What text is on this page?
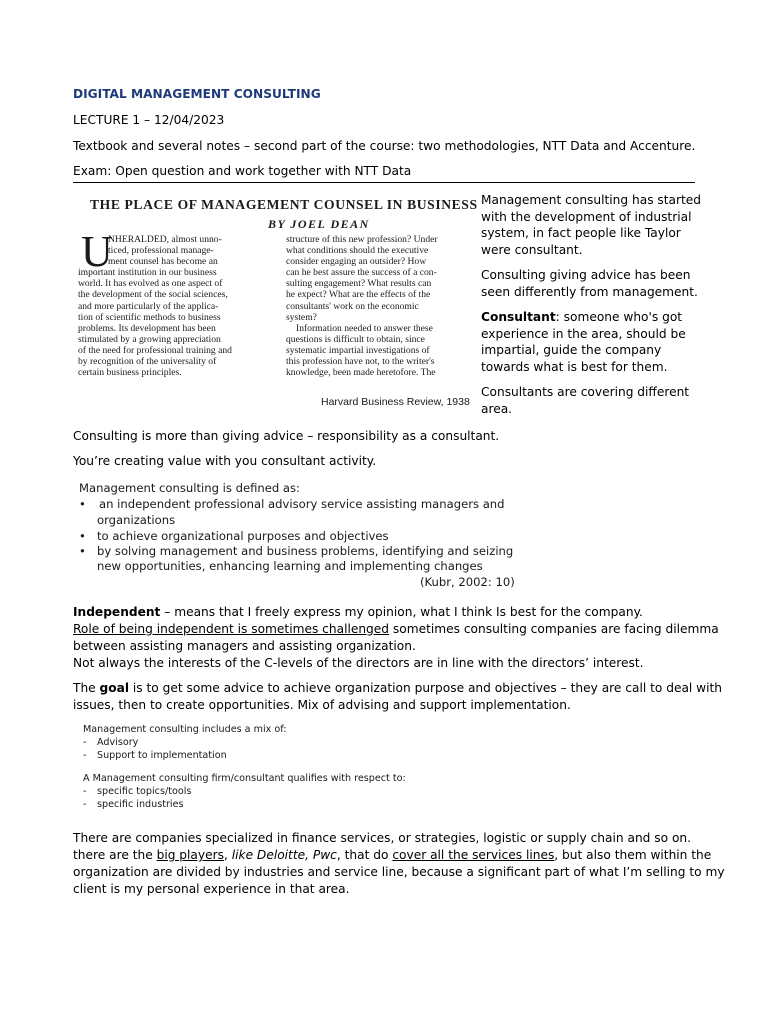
DIGITAL MANAGEMENT CONSULTING
LECTURE 1 – 12/04/2023
Textbook and several notes – second part of the course: two methodologies, NTT Data and Accenture.
Exam: Open question and work together with NTT Data
THE PLACE OF MANAGEMENT COUNSEL IN BUSINESS
BY JOEL DEAN
U
NHERALDED, almost unno-
ticed, professional manage-
ment counsel has become an
important institution in our business
world. It has evolved as one aspect of
the development of the social sciences,
and more particularly of the applica-
tion of scientific methods to business
problems. Its development has been
stimulated by a growing appreciation
of the need for professional training and
by recognition of the universality of
certain business principles.
structure of this new profession? Under
what conditions should the executive
consider engaging an outsider? How
can he best assure the success of a con-
sulting engagement? What results can
he expect? What are the effects of the
consultants' work on the economic
system?
Information needed to answer these
questions is difficult to obtain, since
systematic impartial investigations of
this profession have not, to the writer's
knowledge, been made heretofore. The
Harvard Business Review, 1938
Management consulting has started
with the development of industrial
system, in fact people like Taylor
were consultant.
Consulting giving advice has been
seen differently from management.
Consultant: someone who's got
experience in the area, should be
impartial, guide the company
towards what is best for them.
Consultants are covering different
area.
Consulting is more than giving advice – responsibility as a consultant.
You’re creating value with you consultant activity.
Management consulting is defined as:
• an independent professional advisory service assisting managers and
organizations
• to achieve organizational purposes and objectives
• by solving management and business problems, identifying and seizing
new opportunities, enhancing learning and implementing changes
(Kubr, 2002: 10)
Independent – means that I freely express my opinion, what I think Is best for the company.
Role of being independent is sometimes challenged sometimes consulting companies are facing dilemma
between assisting managers and assisting organization.
Not always the interests of the C-levels of the directors are in line with the directors’ interest.
The goal is to get some advice to achieve organization purpose and objectives – they are call to deal with
issues, then to create opportunities. Mix of advising and support implementation.
Management consulting includes a mix of:
- Advisory
- Support to implementation
A Management consulting firm/consultant qualifies with respect to:
- specific topics/tools
- specific industries
There are companies specialized in finance services, or strategies, logistic or supply chain and so on.
there are the big players, like Deloitte, Pwc, that do cover all the services lines, but also them within the
organization are divided by industries and service line, because a significant part of what I’m selling to my
client is my personal experience in that area.
